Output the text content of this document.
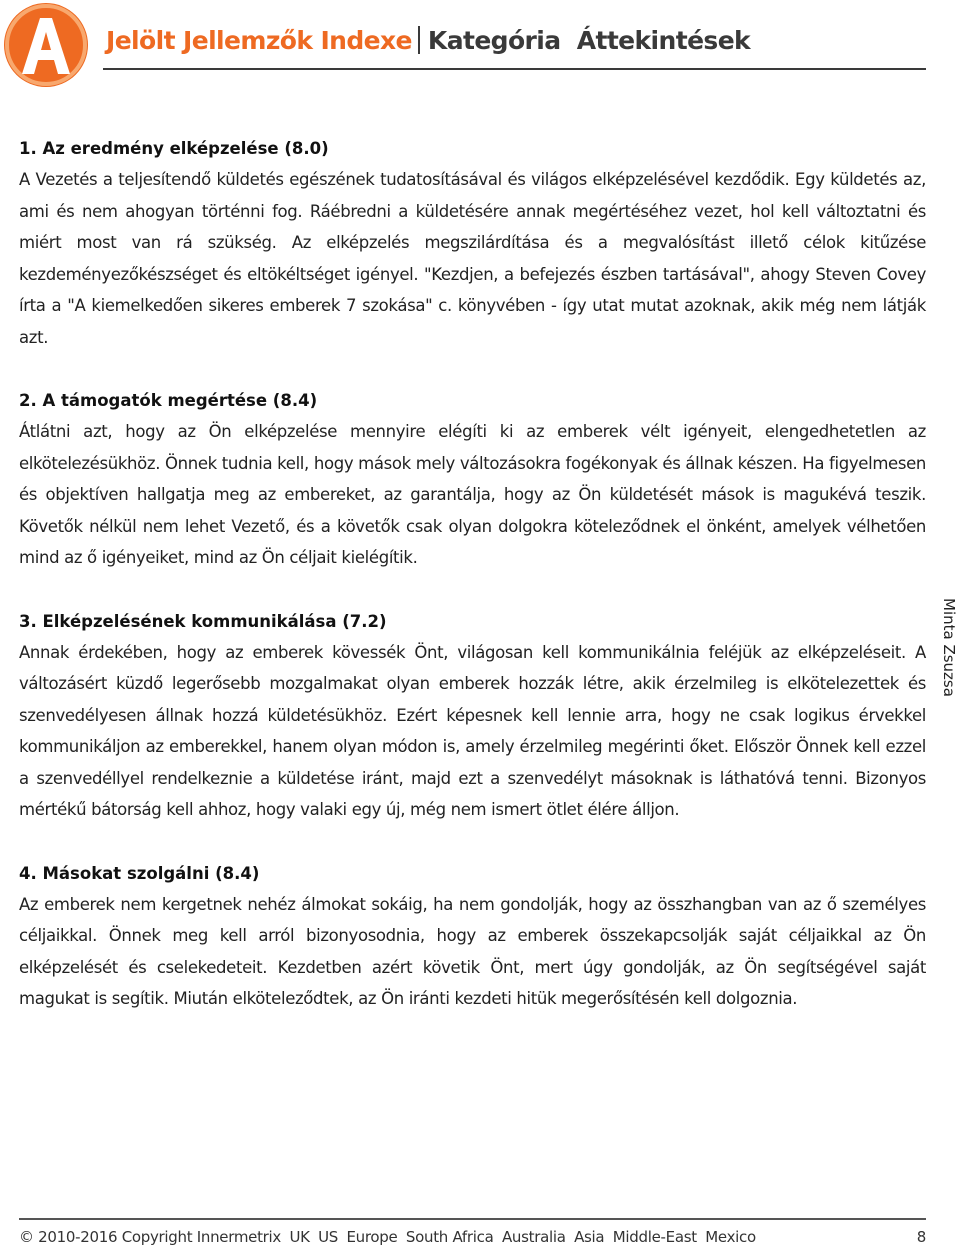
Jelölt Jellemzők Indexe Kategória  Áttekintések
1. Az eredmény elképzelése (8.0)

A Vezetés a teljesítendő küldetés egészének tudatosításával és világos elképzelésével kezdődik. Egy küldetés az, ami és nem ahogyan történni fog. Ráébredni a küldetésére annak megértéséhez vezet, hol kell változtatni és miért most van rá szükség. Az elképzelés megszilárdítása és a megvalósítást illető célok kitűzése kezdeményezőkészséget és eltökéltséget igényel. "Kezdjen, a befejezés észben tartásával", ahogy Steven Covey írta a "A kiemelkedően sikeres emberek 7 szokása" c. könyvében - így utat mutat azoknak, akik még nem látják azt.

2. A támogatók megértése (8.4)

Átlátni azt, hogy az Ön elképzelése mennyire elégíti ki az emberek vélt igényeit, elengedhetetlen az elkötelezésükhöz. Önnek tudnia kell, hogy mások mely változásokra fogékonyak és állnak készen. Ha figyelmesen és objektíven hallgatja meg az embereket, az garantálja, hogy az Ön küldetését mások is magukévá teszik. Követők nélkül nem lehet Vezető, és a követők csak olyan dolgokra köteleződnek el önként, amelyek vélhetően mind az ő igényeiket, mind az Ön céljait kielégítik.

3. Elképzelésének kommunikálása (7.2)

Annak érdekében, hogy az emberek kövessék Önt, világosan kell kommunikálnia feléjük az elképzeléseit. A változásért küzdő legerősebb mozgalmakat olyan emberek hozzák létre, akik érzelmileg is elkötelezettek és szenvedélyesen állnak hozzá küldetésükhöz. Ezért képesnek kell lennie arra, hogy ne csak logikus érvekkel kommunikáljon az emberekkel, hanem olyan módon is, amely érzelmileg megérinti őket. Először Önnek kell ezzel a szenvedéllyel rendelkeznie a küldetése iránt, majd ezt a szenvedélyt másoknak is láthatóvá tenni. Bizonyos mértékű bátorság kell ahhoz, hogy valaki egy új, még nem ismert ötlet élére álljon.

4. Másokat szolgálni (8.4)

Az emberek nem kergetnek nehéz álmokat sokáig, ha nem gondolják, hogy az összhangban van az ő személyes céljaikkal. Önnek meg kell arról bizonyosodnia, hogy az emberek összekapcsolják saját céljaikkal az Ön elképzelését és cselekedeteit. Kezdetben azért követik Önt, mert úgy gondolják, az Ön segítségével saját magukat is segítik. Miután elköteleződtek, az Ön iránti kezdeti hitük megerősítésén kell dolgoznia.

Minta Zsuzsa
© 2010-2016 Copyright Innermetrix UK US Europe South Africa Australia Asia Middle-East Mexico	8
